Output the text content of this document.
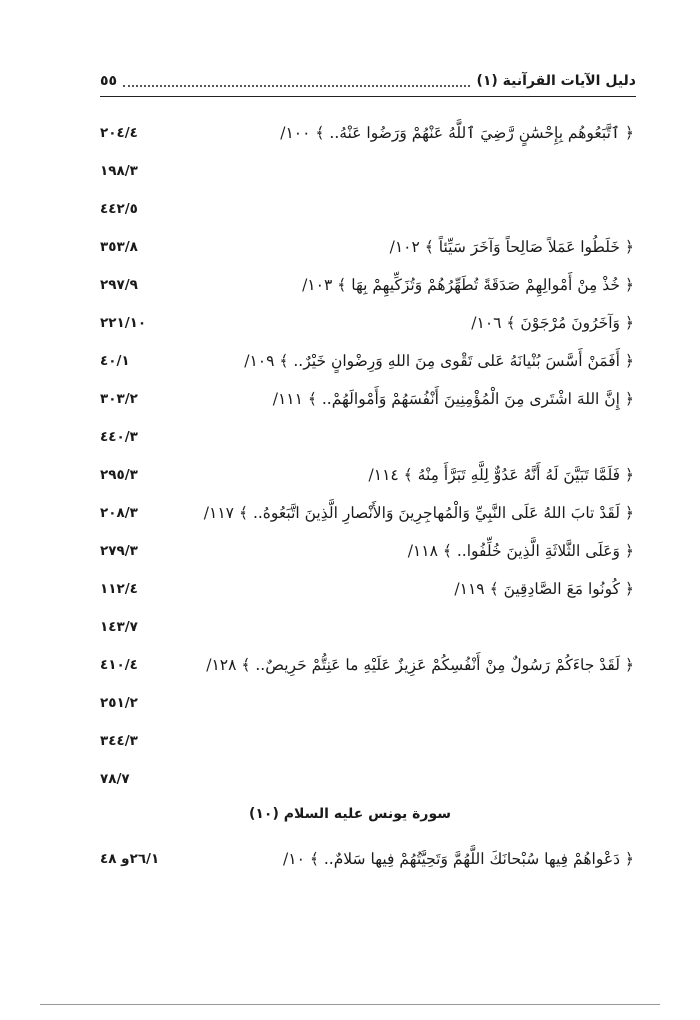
دليل الآيات القرآنية (١)
٥٥
﴿ ٱتَّبَعُوهُم بِإِحْسَٰنٍ رَّضِيَ ٱللَّهُ عَنْهُمْ وَرَضُوا عَنْهُ.. ﴾ ١٠٠/
٢٠٤/٤
١٩٨/٣
٤٤٢/٥
﴿ خَلَطُوا عَمَلاً صَالِحاً وَآخَرَ سَيِّئاً ﴾ ١٠٢/
٣٥٣/٨
﴿ خُذْ مِنْ أَمْوالِهِمْ صَدَقَةً تُطَهِّرُهُمْ وَتُزَكِّيهِمْ بِهَا ﴾ ١٠٣/
٢٩٧/٩
﴿ وَآخَرُونَ مُرْجَوْنَ ﴾ ١٠٦/
٢٢١/١٠
﴿ أَفَمَنْ أَسَّسَ بُنْيانَهُ عَلى تَقْوى مِنَ اللهِ وَرِضْوانٍ خَيْرٌ.. ﴾ ١٠٩/
٤٠/١
﴿ إِنَّ اللهَ اشْتَرى مِنَ الْمُؤْمِنِينَ أَنْفُسَهُمْ وَأَمْوالَهُمْ.. ﴾ ١١١/
٣٠٣/٢
٤٤٠/٣
﴿ فَلَمَّا تَبَيَّنَ لَهُ أَنَّهُ عَدُوٌّ لِلَّهِ تَبَرَّأَ مِنْهُ ﴾ ١١٤/
٢٩٥/٣
﴿ لَقَدْ تابَ اللهُ عَلَى النَّبِيِّ وَالْمُهاجِرِينَ وَالأَنْصارِ الَّذِينَ اتَّبَعُوهُ.. ﴾ ١١٧/
٢٠٨/٣
﴿ وَعَلَى الثَّلاثَةِ الَّذِينَ خُلِّفُوا.. ﴾ ١١٨/
٢٧٩/٣
﴿ كُونُوا مَعَ الصَّادِقِينَ ﴾ ١١٩/
١١٢/٤
١٤٣/٧
﴿ لَقَدْ جاءَكُمْ رَسُولٌ مِنْ أَنْفُسِكُمْ عَزِيزٌ عَلَيْهِ ما عَنِتُّمْ حَرِيصٌ.. ﴾ ١٢٨/
٤١٠/٤
٢٥١/٢
٣٤٤/٣
٧٨/٧
سورة يونس عليه السلام (١٠)
﴿ دَعْواهُمْ فِيها سُبْحانَكَ اللَّهُمَّ وَتَحِيَّتُهُمْ فِيها سَلامٌ.. ﴾ ١٠/
٢٦/١و ٤٨
